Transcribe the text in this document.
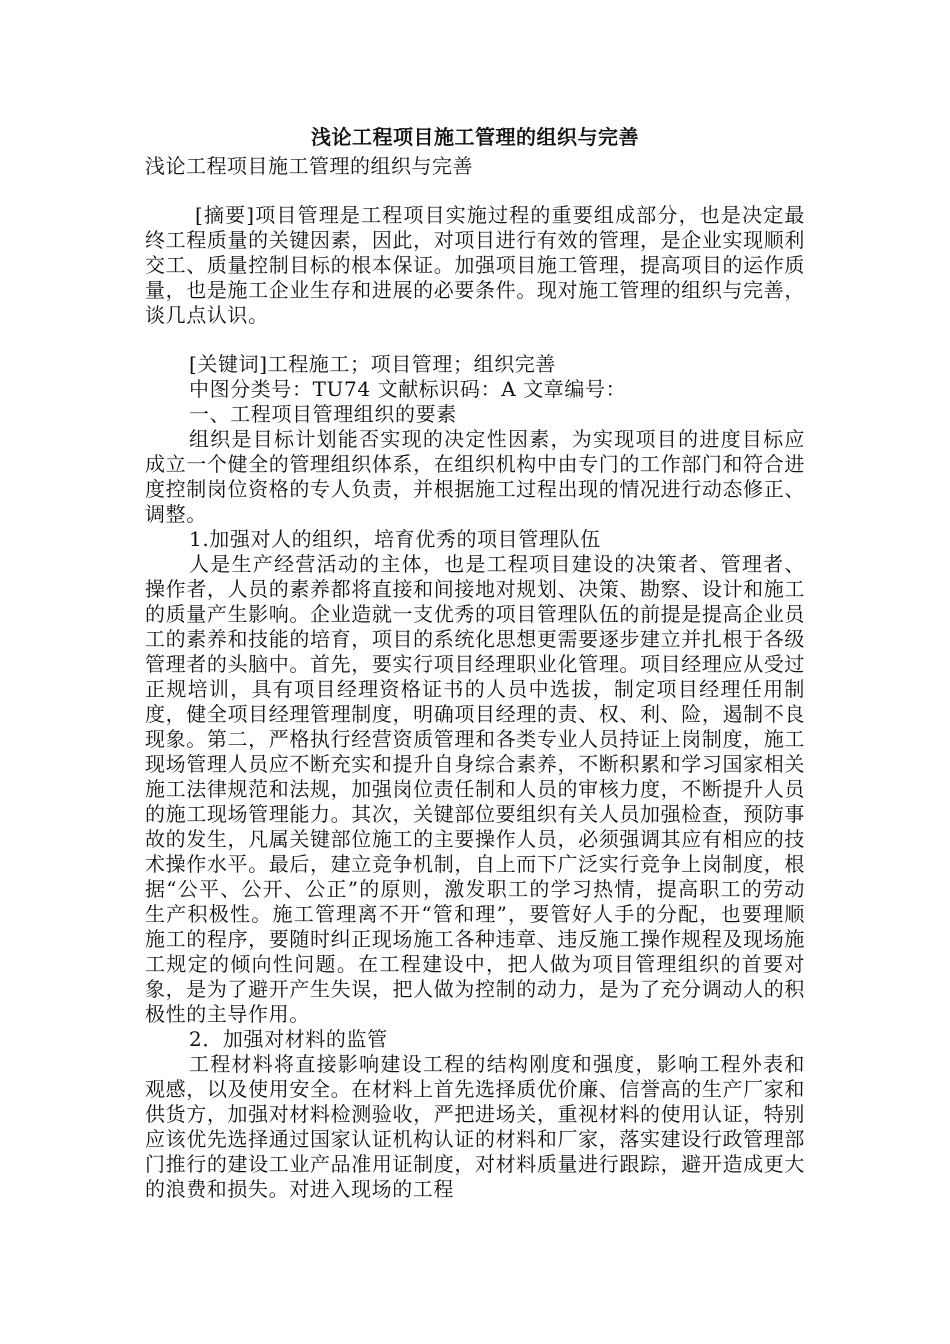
浅论工程项目施工管理的组织与完善
浅论工程项目施工管理的组织与完善

[摘要]项目管理是工程项目实施过程的重要组成部分，也是决定最终工程质量的关键因素，因此，对项目进行有效的管理，是企业实现顺利交工、质量控制目标的根本保证。加强项目施工管理，提高项目的运作质量，也是施工企业生存和进展的必要条件。现对施工管理的组织与完善，谈几点认识。

[关键词]工程施工；项目管理；组织完善

中图分类号：TU74 文献标识码：A 文章编号：

一、工程项目管理组织的要素

组织是目标计划能否实现的决定性因素，为实现项目的进度目标应成立一个健全的管理组织体系，在组织机构中由专门的工作部门和符合进度控制岗位资格的专人负责，并根据施工过程出现的情况进行动态修正、调整。

1.加强对人的组织，培育优秀的项目管理队伍

人是生产经营活动的主体，也是工程项目建设的决策者、管理者、操作者，人员的素养都将直接和间接地对规划、决策、勘察、设计和施工的质量产生影响。企业造就一支优秀的项目管理队伍的前提是提高企业员工的素养和技能的培育，项目的系统化思想更需要逐步建立并扎根于各级管理者的头脑中。首先，要实行项目经理职业化管理。项目经理应从受过正规培训，具有项目经理资格证书的人员中选拔，制定项目经理任用制度，健全项目经理管理制度，明确项目经理的责、权、利、险，遏制不良现象。第二，严格执行经营资质管理和各类专业人员持证上岗制度，施工现场管理人员应不断充实和提升自身综合素养，不断积累和学习国家相关施工法律规范和法规，加强岗位责任制和人员的审核力度，不断提升人员的施工现场管理能力。其次，关键部位要组织有关人员加强检查，预防事故的发生，凡属关键部位施工的主要操作人员，必须强调其应有相应的技术操作水平。最后，建立竞争机制，自上而下广泛实行竞争上岗制度，根据“公平、公开、公正”的原则，激发职工的学习热情，提高职工的劳动生产积极性。施工管理离不开“管和理”，要管好人手的分配，也要理顺施工的程序，要随时纠正现场施工各种违章、违反施工操作规程及现场施工规定的倾向性问题。在工程建设中，把人做为项目管理组织的首要对象，是为了避开产生失误，把人做为控制的动力，是为了充分调动人的积极性的主导作用。

2．加强对材料的监管

工程材料将直接影响建设工程的结构刚度和强度，影响工程外表和观感，以及使用安全。在材料上首先选择质优价廉、信誉高的生产厂家和供货方，加强对材料检测验收，严把进场关，重视材料的使用认证，特别应该优先选择通过国家认证机构认证的材料和厂家，落实建设行政管理部门推行的建设工业产品准用证制度，对材料质量进行跟踪，避开造成更大的浪费和损失。对进入现场的工程
